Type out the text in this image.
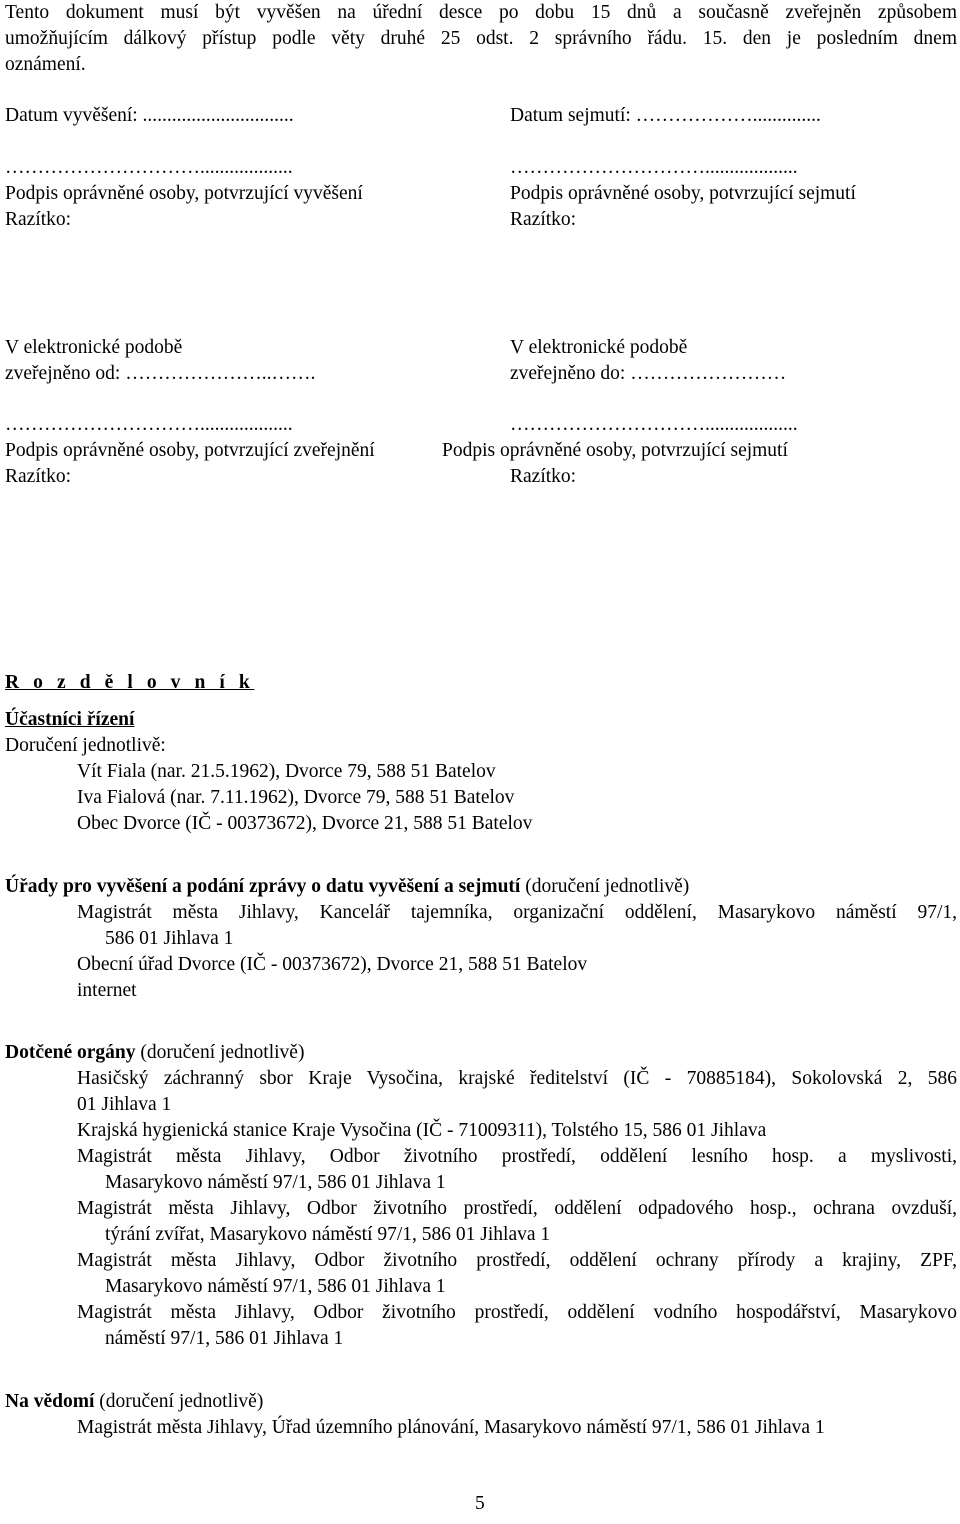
Tento dokument musí být vyvěšen na úřední desce po dobu 15 dnů a současně zveřejněn způsobem
umožňujícím dálkový přístup podle věty druhé 25 odst. 2 správního řádu. 15. den je posledním dnem
oznámení.
Datum vyvěšení: ...............................	Datum sejmutí: ………………..............
…………………………...................	…………………………...................
Podpis oprávněné osoby, potvrzující vyvěšení	Podpis oprávněné osoby, potvrzující sejmutí
Razítko:	Razítko:
V elektronické podobě	V elektronické podobě
zveřejněno od: …………………..…….	zveřejněno do: ……………………
…………………………...................	…………………………...................
Podpis oprávněné osoby, potvrzující zveřejnění	Podpis oprávněné osoby, potvrzující sejmutí
Razítko:	Razítko:
R o z d ě l o v n í k
Účastníci řízení
Doručení jednotlivě:
Vít Fiala (nar. 21.5.1962), Dvorce 79, 588 51 Batelov
Iva Fialová (nar. 7.11.1962), Dvorce 79, 588 51 Batelov
Obec Dvorce (IČ - 00373672), Dvorce 21, 588 51 Batelov
Úřady pro vyvěšení a podání zprávy o datu vyvěšení a sejmutí (doručení jednotlivě)
Magistrát města Jihlavy, Kancelář tajemníka, organizační oddělení, Masarykovo náměstí 97/1,
586 01 Jihlava 1
Obecní úřad Dvorce (IČ - 00373672), Dvorce 21, 588 51 Batelov
internet
Dotčené orgány (doručení jednotlivě)
Hasičský záchranný sbor Kraje Vysočina, krajské ředitelství (IČ - 70885184), Sokolovská 2, 586
01 Jihlava 1
Krajská hygienická stanice Kraje Vysočina (IČ - 71009311), Tolstého 15, 586 01 Jihlava
Magistrát města Jihlavy, Odbor životního prostředí, oddělení lesního hosp. a myslivosti,
Masarykovo náměstí 97/1, 586 01 Jihlava 1
Magistrát města Jihlavy, Odbor životního prostředí, oddělení odpadového hosp., ochrana ovzduší,
týrání zvířat, Masarykovo náměstí 97/1, 586 01 Jihlava 1
Magistrát města Jihlavy, Odbor životního prostředí, oddělení ochrany přírody a krajiny, ZPF,
Masarykovo náměstí 97/1, 586 01 Jihlava 1
Magistrát města Jihlavy, Odbor životního prostředí, oddělení vodního hospodářství, Masarykovo
náměstí 97/1, 586 01 Jihlava 1
Na vědomí (doručení jednotlivě)
Magistrát města Jihlavy, Úřad územního plánování, Masarykovo náměstí 97/1, 586 01 Jihlava 1
5
